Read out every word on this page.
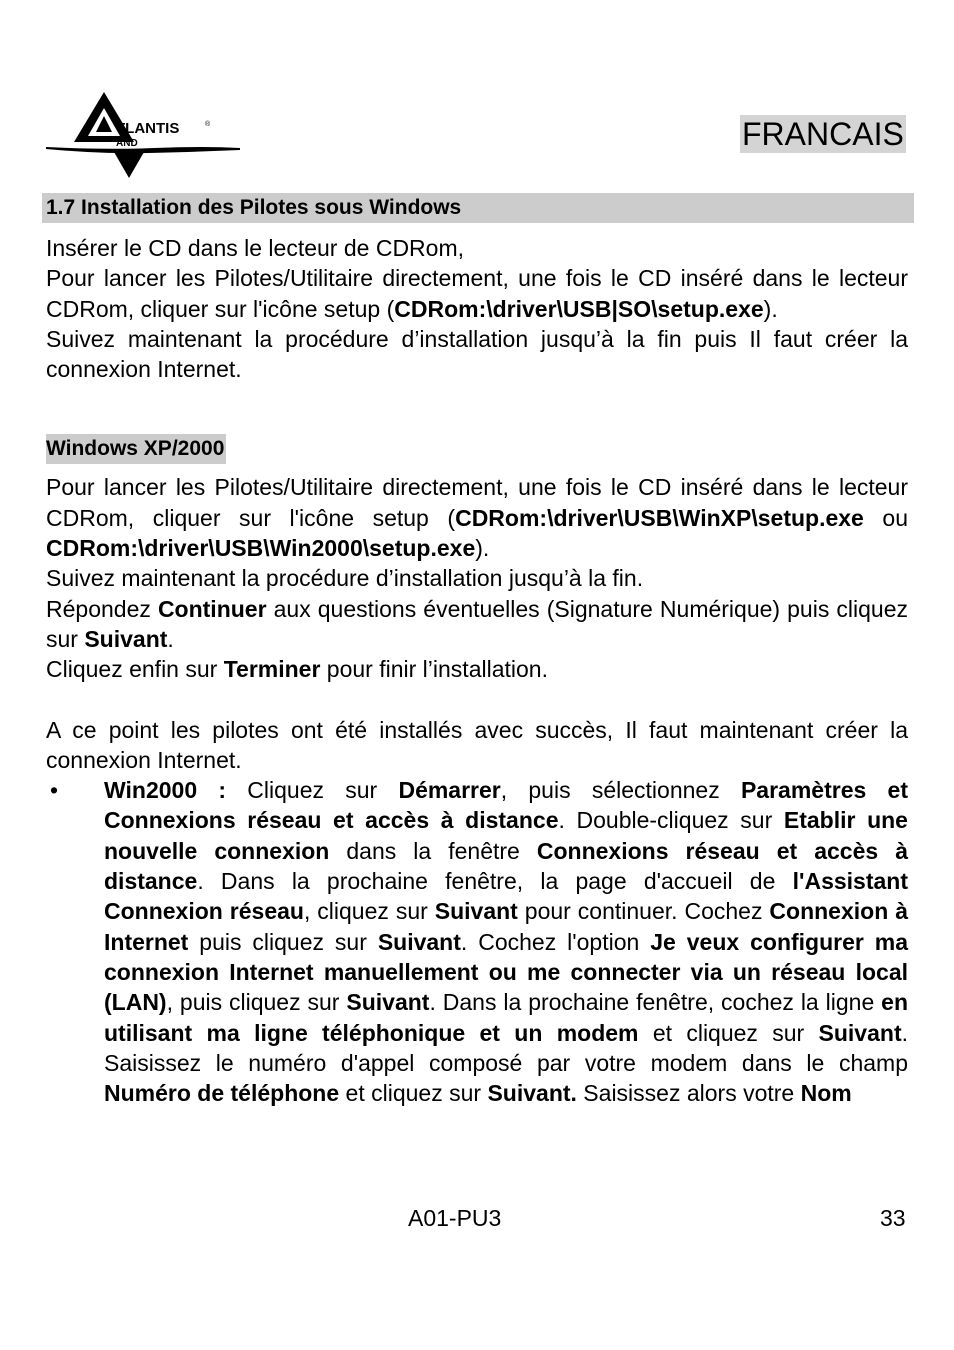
TLANTIS	®
AND	FRANCAIS
1.7 Installation des Pilotes sous Windows

Insérer le CD dans le lecteur de CDRom,

Pour lancer les Pilotes/Utilitaire directement, une fois le CD inséré dans le lecteur CDRom, cliquer sur l'icône setup (CDRom:\driver\USB|SO\setup.exe).

Suivez maintenant la procédure d’installation jusqu’à la fin puis Il faut créer la connexion Internet.

Windows XP/2000

Pour lancer les Pilotes/Utilitaire directement, une fois le CD inséré dans le lecteur CDRom, cliquer sur l'icône setup (CDRom:\driver\USB\WinXP\setup.exe ou CDRom:\driver\USB\Win2000\setup.exe).

Suivez maintenant la procédure d’installation jusqu’à la fin.

Répondez Continuer aux questions éventuelles (Signature Numérique) puis cliquez sur Suivant.

Cliquez enfin sur Terminer pour finir l’installation.

A ce point les pilotes ont été installés avec succès, Il faut maintenant créer la connexion Internet.

• Win2000 : Cliquez sur Démarrer, puis sélectionnez Paramètres et Connexions réseau et accès à distance. Double-cliquez sur Etablir une nouvelle connexion dans la fenêtre Connexions réseau et accès à distance. Dans la prochaine fenêtre, la page d'accueil de l'Assistant Connexion réseau, cliquez sur Suivant pour continuer. Cochez Connexion à Internet puis cliquez sur Suivant. Cochez l'option Je veux configurer ma connexion Internet manuellement ou me connecter via un réseau local (LAN), puis cliquez sur Suivant. Dans la prochaine fenêtre, cochez la ligne en utilisant ma ligne téléphonique et un modem et cliquez sur Suivant. Saisissez le numéro d'appel composé par votre modem dans le champ Numéro de téléphone et cliquez sur Suivant. Saisissez alors votre Nom

A01-PU3	33
